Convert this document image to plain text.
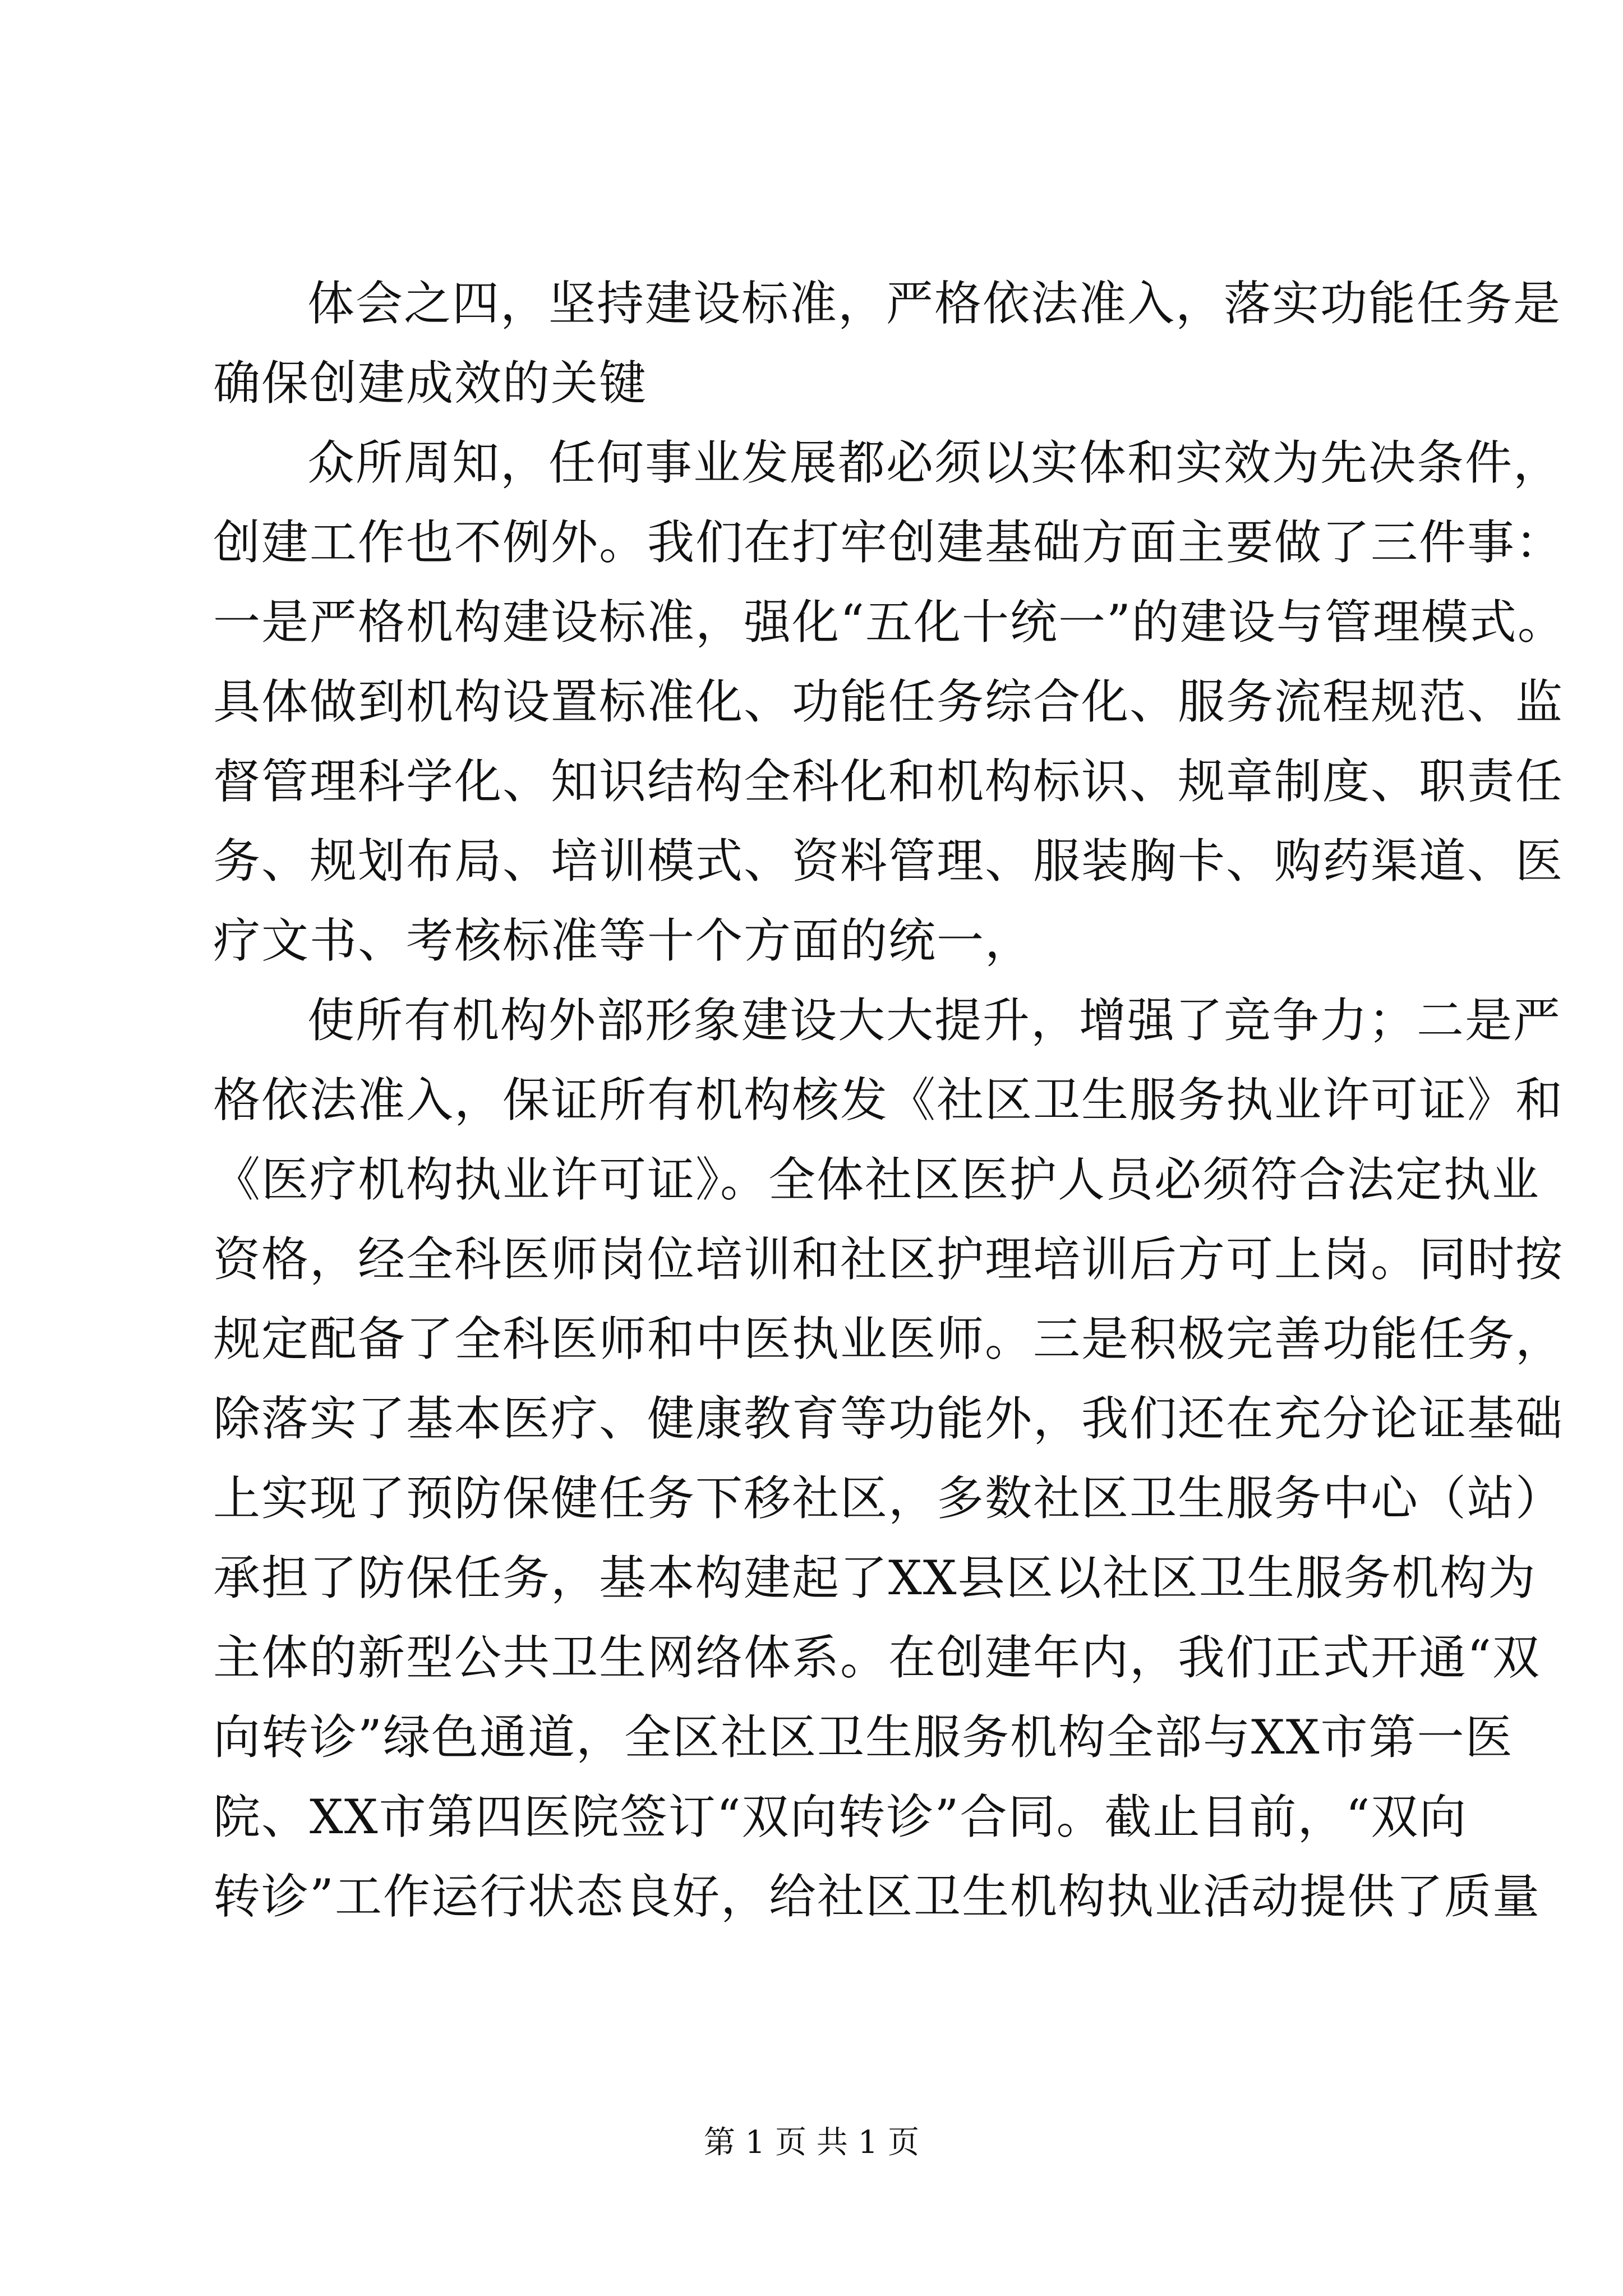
体会之四，坚持建设标准，严格依法准入，落实功能任务是
确保创建成效的关键
众所周知，任何事业发展都必须以实体和实效为先决条件，
创建工作也不例外。我们在打牢创建基础方面主要做了三件事：
一是严格机构建设标准，强化“五化十统一”的建设与管理模式。
具体做到机构设置标准化、功能任务综合化、服务流程规范、监
督管理科学化、知识结构全科化和机构标识、规章制度、职责任
务、规划布局、培训模式、资料管理、服装胸卡、购药渠道、医
疗文书、考核标准等十个方面的统一，
使所有机构外部形象建设大大提升，增强了竞争力；二是严
格依法准入，保证所有机构核发《社区卫生服务执业许可证》和
《医疗机构执业许可证》。全体社区医护人员必须符合法定执业
资格，经全科医师岗位培训和社区护理培训后方可上岗。同时按
规定配备了全科医师和中医执业医师。三是积极完善功能任务，
除落实了基本医疗、健康教育等功能外，我们还在充分论证基础
上实现了预防保健任务下移社区，多数社区卫生服务中心（站）
承担了防保任务，基本构建起了XX县区以社区卫生服务机构为
主体的新型公共卫生网络体系。在创建年内，我们正式开通“双
向转诊”绿色通道，全区社区卫生服务机构全部与XX市第一医
院、XX市第四医院签订“双向转诊”合同。截止目前，“双向
转诊”工作运行状态良好，给社区卫生机构执业活动提供了质量
第 1 页 共 1 页
